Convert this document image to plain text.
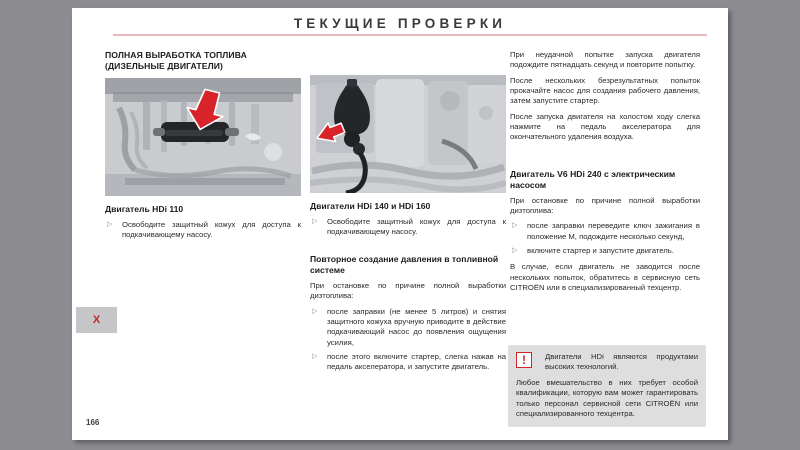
ТЕКУЩИЕ ПРОВЕРКИ
ПОЛНАЯ ВЫРАБОТКА ТОПЛИВА (ДИЗЕЛЬНЫЕ ДВИГАТЕЛИ)
Двигатель HDi 110
▷	Освободите защитный кожух для доступа к подкачивающему насосу.
Двигатели HDi 140 и HDi 160
▷	Освободите защитный кожух для доступа к подкачивающему насосу.
Повторное создание давления в топливной системе

При остановке по причине полной выработки дизтоплива:

▷	после заправки (не менее 5 литров) и снятия защитного кожуха вручную приводите в действие подкачивающий насос до появления ощущения усилия,
▷	после этого включите стартер, слегка нажав на педаль акселератора, и запустите двигатель.

При неудачной попытке запуска двигателя подождите пятнадцать секунд и повторите попытку.

После нескольких безрезультатных попыток прокачайте насос для создания рабочего давления, затем запустите стартер.

После запуска двигателя на холостом ходу слегка нажмите на педаль акселератора для окончательного удаления воздуха.

Двигатель V6 HDi 240 с электрическим насосом

При остановке по причине полной выработки дизтоплива:

▷	после заправки переведите ключ зажигания в положение M, подождите несколько секунд,
▷	включите стартер и запустите двигатель.

В случае, если двигатель не заводится после нескольких попыток, обратитесь в сервисную сеть CITROËN или в специализированный техцентр.

!	Двигатели HDi являются продуктами высоких технологий.

Любое вмешательство в них требует особой квалификации, которую вам может гарантировать только персонал сервисной сети CITROËN или специализированного техцентра.

166
X
